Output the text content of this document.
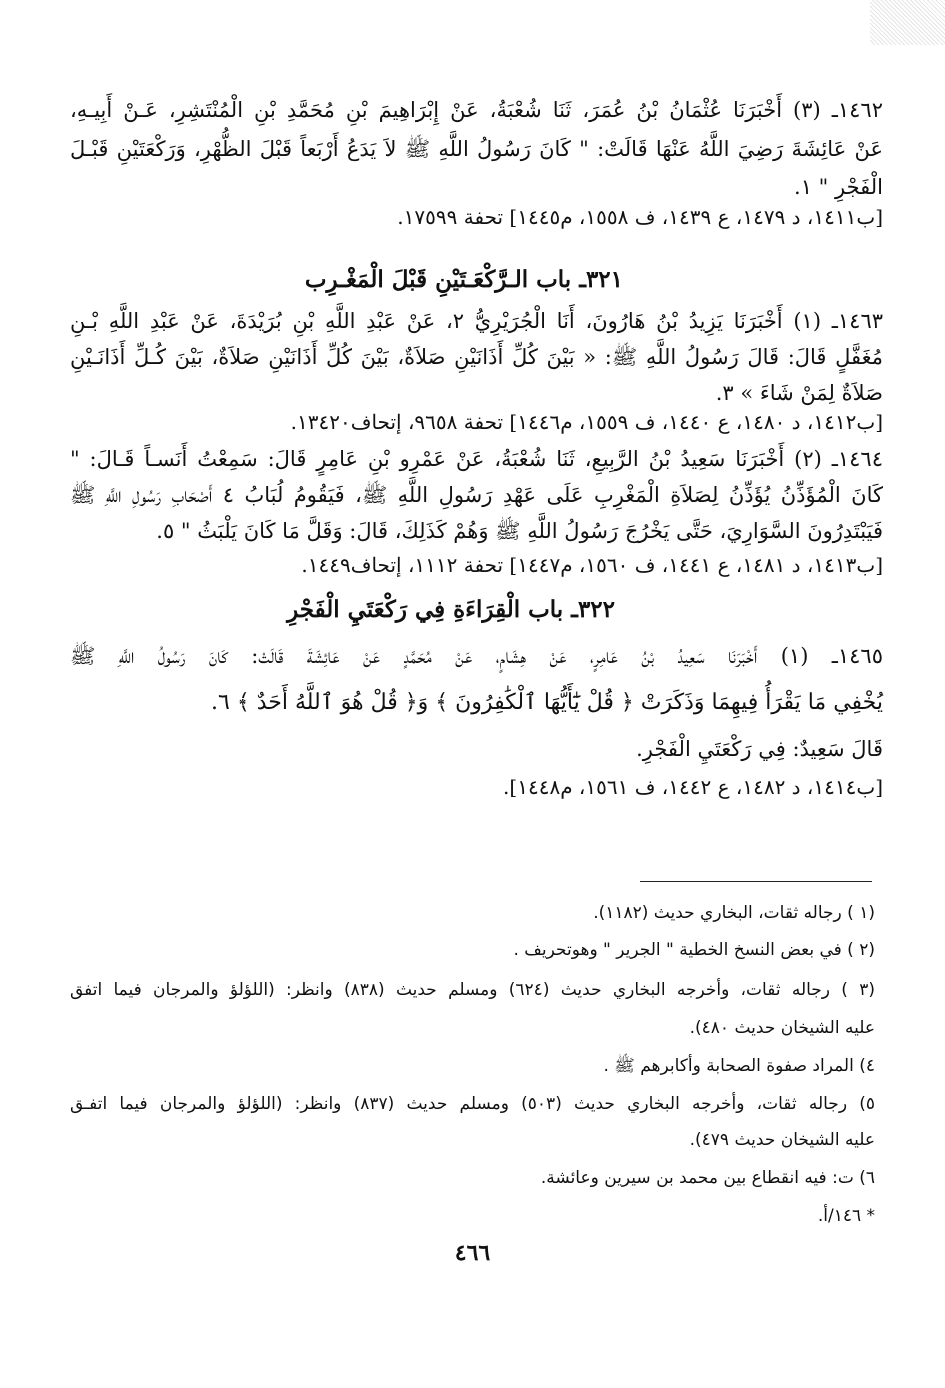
١٤٦٢ـ (٣) أَخْبَرَنَا عُثْمَانُ بْنُ عُمَرَ، ثَنَا شُعْبَةُ، عَنْ إِبْرَاهِيمَ بْنِ مُحَمَّدِ بْنِ الْمُنْتَشِرِ، عَـنْ أَبِيـهِ،
عَنْ عَائِشَةَ رَضِيَ اللَّهُ عَنْهَا قَالَتْ: " كَانَ رَسُولُ اللَّهِ ﷺ لاَ يَدَعُ أَرْبَعاً قَبْلَ الظُّهْرِ، وَرَكْعَتَيْنِ قَبْـلَ
الْفَجْرِ " ١.
[ب١٤١١، د ١٤٧٩، ع ١٤٣٩، ف ١٥٥٨، م١٤٤٥] تحفة ١٧٥٩٩.
٣٢١ـ باب الـرَّكْعَـتَيْنِ قَبْلَ الْمَغْـرِب
١٤٦٣ـ (١) أَخْبَرَنَا يَزِيدُ بْنُ هَارُونَ، أَنَا الْجُرَيْرِيُّ ٢، عَنْ عَبْدِ اللَّهِ بْنِ بُرَيْدَةَ، عَنْ عَبْدِ اللَّهِ بْـنِ
مُغَفَّلٍ قَالَ: قَالَ رَسُولُ اللَّهِ ﷺ: « بَيْنَ كُلِّ أَذَانَيْنِ صَلاَةٌ، بَيْنَ كُلِّ أَذَانَيْنِ صَلاَةٌ، بَيْنَ كُـلِّ أَذَانَـيْنِ
صَلاَةٌ لِمَنْ شَاءَ » ٣.
[ب١٤١٢، د ١٤٨٠، ع ١٤٤٠، ف ١٥٥٩، م١٤٤٦] تحفة ٩٦٥٨، إتحاف١٣٤٢٠.
١٤٦٤ـ (٢) أَخْبَرَنَا سَعِيدُ بْنُ الرَّبِيعِ، ثَنَا شُعْبَةُ، عَنْ عَمْرِو بْنِ عَامِرٍ قَالَ: سَمِعْتُ أَنَسـاً قَـالَ: "
كَانَ الْمُؤَذِّنُ يُؤَذِّنُ لِصَلاَةِ الْمَغْرِبِ عَلَى عَهْدِ رَسُولِ اللَّهِ ﷺ، فَيَقُومُ لُبَابُ ٤ أَصْحَابِ رَسُولِ اللَّهِ ﷺ
فَيَبْتَدِرُونَ السَّوَارِيَ، حَتَّى يَخْرُجَ رَسُولُ اللَّهِ ﷺ وَهُمْ كَذَلِكَ، قَالَ: وَقَلَّ مَا كَانَ يَلْبَثُ " ٥.
[ب١٤١٣، د ١٤٨١، ع ١٤٤١، ف ١٥٦٠، م١٤٤٧] تحفة ١١١٢، إتحاف١٤٤٩.
٣٢٢ـ باب الْقِرَاءَةِ فِي رَكْعَتَيِ الْفَجْرِ
١٤٦٥ـ (١) أَخْبَرَنَا سَعِيدُ بْنُ عَامِرٍ، عَنْ هِشَامٍ، عَنْ مُحَمَّدٍ عَنْ عَائِشَةَ قَالَتْ: كَانَ رَسُولُ اللَّهِ ﷺ
يُخْفِي مَا يَقْرَأُ فِيهِمَا وَذَكَرَتْ ﴿ قُلْ يَٰٓأَيُّهَا ٱلْكَٰفِرُونَ ﴾ وَ﴿ قُلْ هُوَ ٱللَّهُ أَحَدٌ ﴾ ٦.
قَالَ سَعِيدٌ: فِي رَكْعَتَيِ الْفَجْرِ.
[ب١٤١٤، د ١٤٨٢، ع ١٤٤٢، ف ١٥٦١، م١٤٤٨].
(١ ) رجاله ثقات، البخاري حديث (١١٨٢).
(٢ ) في بعض النسخ الخطية " الجرير " وهوتحريف .
(٣ ) رجاله ثقات، وأخرجه البخاري حديث (٦٢٤) ومسلم حديث (٨٣٨) وانظر: (اللؤلؤ والمرجان فيما اتفق
عليه الشيخان حديث ٤٨٠).
٤) المراد صفوة الصحابة وأكابرهم ﷺ .
٥) رجاله ثقات، وأخرجه البخاري حديث (٥٠٣) ومسلم حديث (٨٣٧) وانظر: (اللؤلؤ والمرجان فيما اتفـق
عليه الشيخان حديث ٤٧٩).
٦) ت: فيه انقطاع بين محمد بن سيرين وعائشة.
* ١٤٦/أ.
٤٦٦
